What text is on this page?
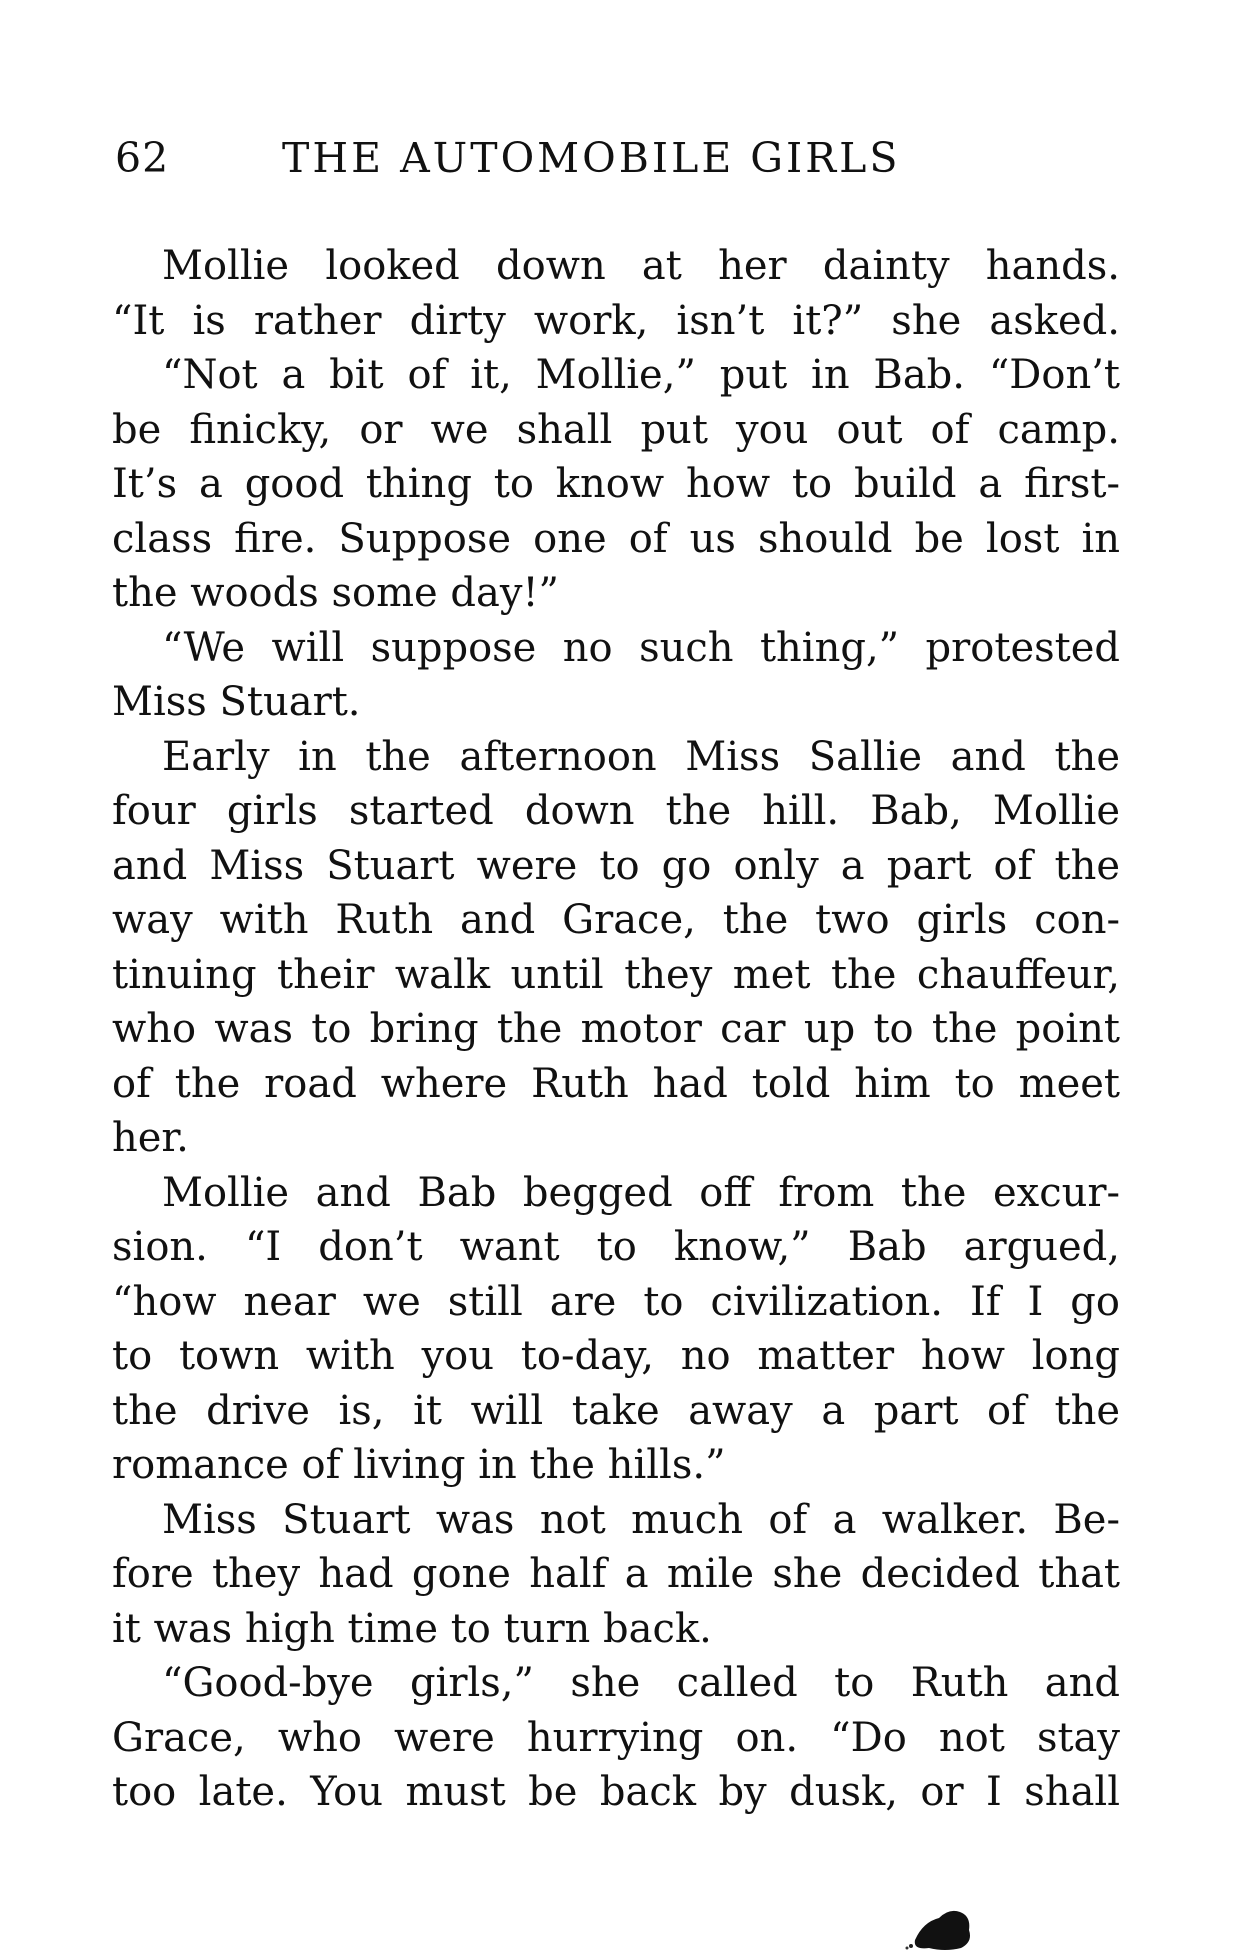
62	THE AUTOMOBILE GIRLS
Mollie looked down at her dainty hands.
“It is rather dirty work, isn’t it?” she asked.
“Not a bit of it, Mollie,” put in Bab. “Don’t
be finicky, or we shall put you out of camp.
It’s a good thing to know how to build a first-
class fire. Suppose one of us should be lost in
the woods some day!”
“We will suppose no such thing,” protested
Miss Stuart.
Early in the afternoon Miss Sallie and the
four girls started down the hill. Bab, Mollie
and Miss Stuart were to go only a part of the
way with Ruth and Grace, the two girls con-
tinuing their walk until they met the chauffeur,
who was to bring the motor car up to the point
of the road where Ruth had told him to meet
her.
Mollie and Bab begged off from the excur-
sion. “I don’t want to know,” Bab argued,
“how near we still are to civilization. If I go
to town with you to-day, no matter how long
the drive is, it will take away a part of the
romance of living in the hills.”
Miss Stuart was not much of a walker. Be-
fore they had gone half a mile she decided that
it was high time to turn back.
“Good-bye girls,” she called to Ruth and
Grace, who were hurrying on. “Do not stay
too late. You must be back by dusk, or I shall
